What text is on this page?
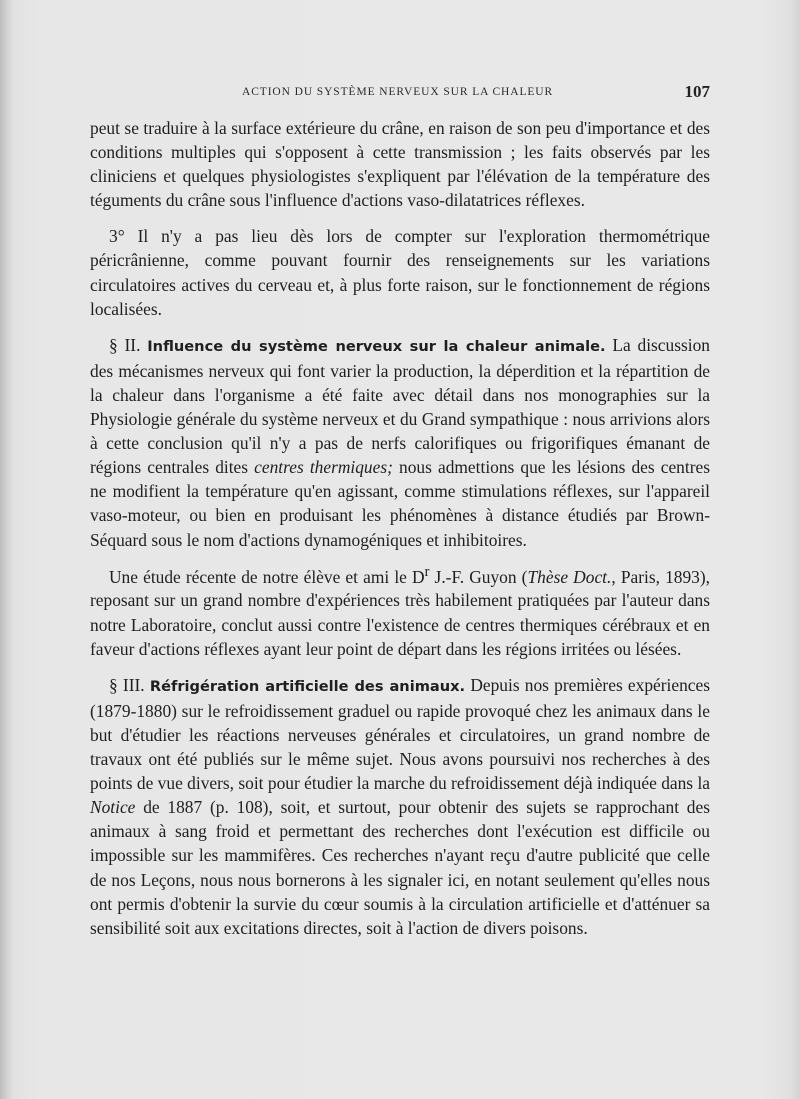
ACTION DU SYSTÈME NERVEUX SUR LA CHALEUR	107

peut se traduire à la surface extérieure du crâne, en raison de son peu d'importance et des conditions multiples qui s'opposent à cette transmission ; les faits observés par les cliniciens et quelques physiologistes s'expliquent par l'élévation de la température des téguments du crâne sous l'influence d'actions vaso-dilatatrices réflexes.

3° Il n'y a pas lieu dès lors de compter sur l'exploration thermométrique péricrânienne, comme pouvant fournir des renseignements sur les variations circulatoires actives du cerveau et, à plus forte raison, sur le fonctionnement de régions localisées.

§ II. Influence du système nerveux sur la chaleur animale. La discussion des mécanismes nerveux qui font varier la production, la déperdition et la répartition de la chaleur dans l'organisme a été faite avec détail dans nos monographies sur la Physiologie générale du système nerveux et du Grand sympathique : nous arrivions alors à cette conclusion qu'il n'y a pas de nerfs calorifiques ou frigorifiques émanant de régions centrales dites centres thermiques; nous admettions que les lésions des centres ne modifient la température qu'en agissant, comme stimulations réflexes, sur l'appareil vaso-moteur, ou bien en produisant les phénomènes à distance étudiés par Brown-Séquard sous le nom d'actions dynamogéniques et inhibitoires.

Une étude récente de notre élève et ami le $D^r$ J.-F. Guyon (Thèse Doct., Paris, 1893), reposant sur un grand nombre d'expériences très habilement pratiquées par l'auteur dans notre Laboratoire, conclut aussi contre l'existence de centres thermiques cérébraux et en faveur d'actions réflexes ayant leur point de départ dans les régions irritées ou lésées.

§ III. Réfrigération artificielle des animaux. Depuis nos premières expériences (1879-1880) sur le refroidissement graduel ou rapide provoqué chez les animaux dans le but d'étudier les réactions nerveuses générales et circulatoires, un grand nombre de travaux ont été publiés sur le même sujet. Nous avons poursuivi nos recherches à des points de vue divers, soit pour étudier la marche du refroidissement déjà indiquée dans la Notice de 1887 (p. 108), soit, et surtout, pour obtenir des sujets se rapprochant des animaux à sang froid et permettant des recherches dont l'exécution est difficile ou impossible sur les mammifères. Ces recherches n'ayant reçu d'autre publicité que celle de nos Leçons, nous nous bornerons à les signaler ici, en notant seulement qu'elles nous ont permis d'obtenir la survie du cœur soumis à la circulation artificielle et d'atténuer sa sensibilité soit aux excitations directes, soit à l'action de divers poisons.
